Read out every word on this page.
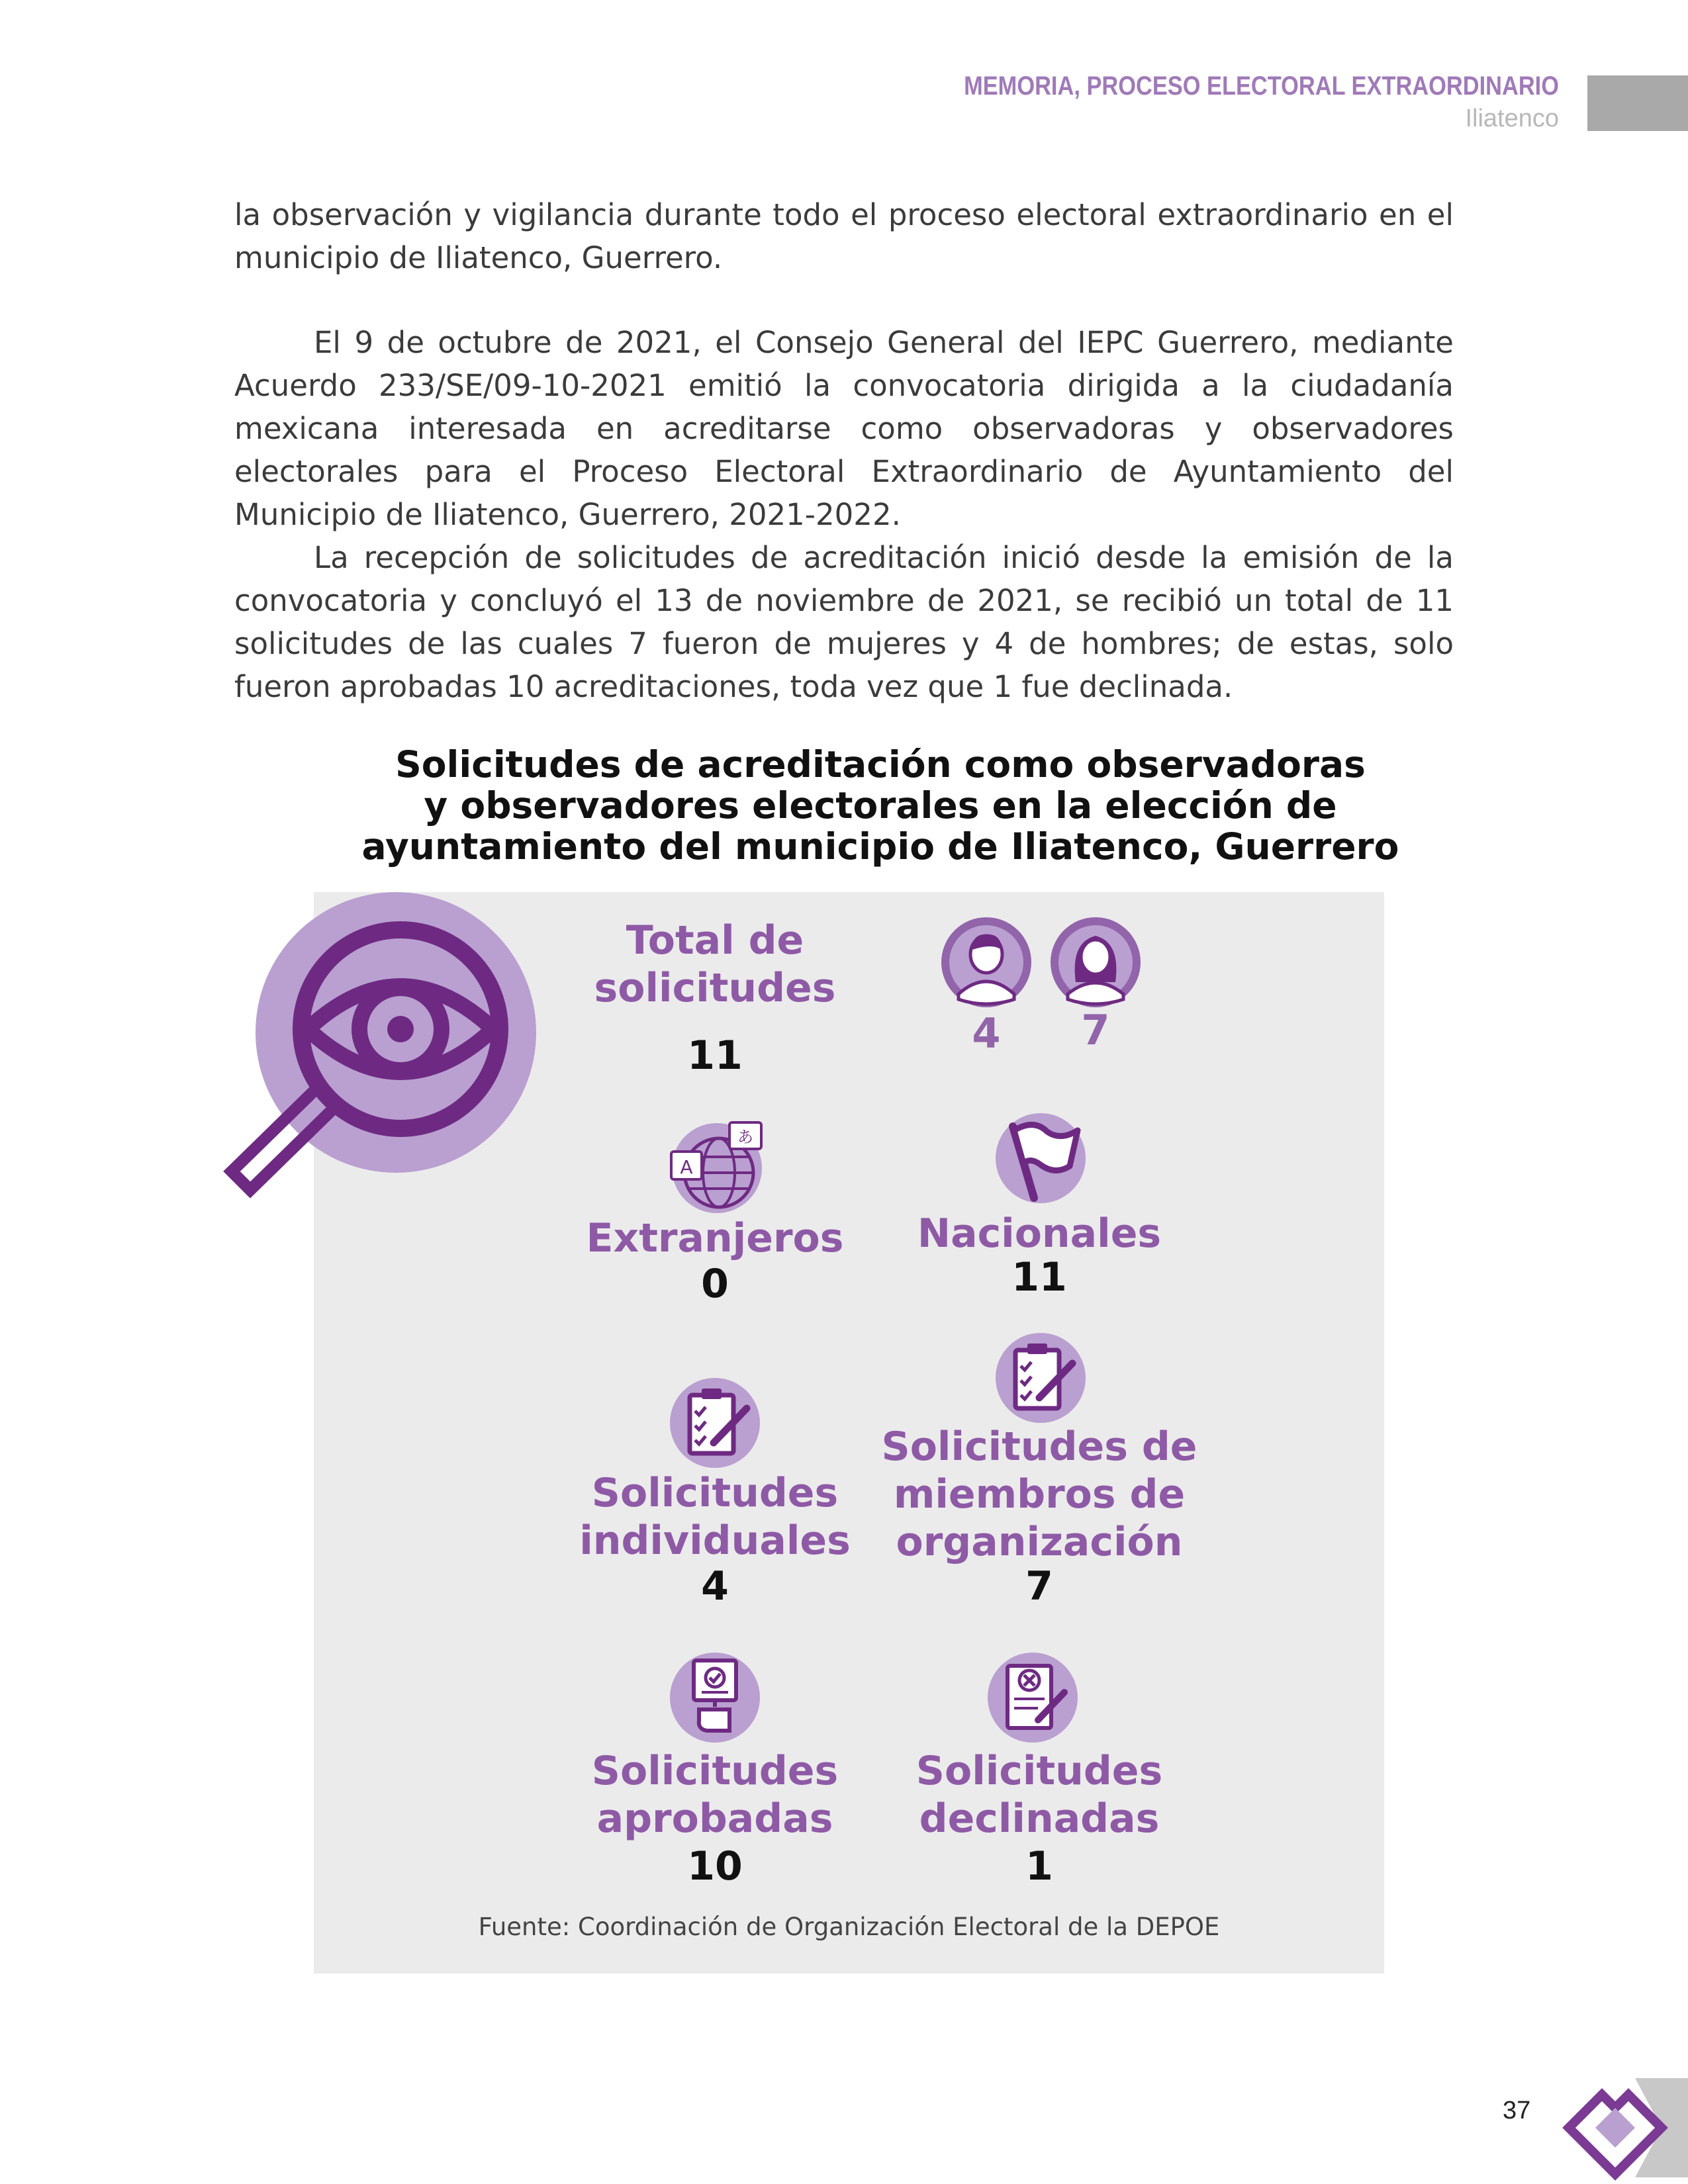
MEMORIA, PROCESO ELECTORAL EXTRAORDINARIO
Iliatenco

la observación y vigilancia durante todo el proceso electoral extraordinario en el municipio de Iliatenco, Guerrero.

El 9 de octubre de 2021, el Consejo General del IEPC Guerrero, mediante Acuerdo 233/SE/09-10-2021 emitió la convocatoria dirigida a la ciudadanía mexicana interesada en acreditarse como observadoras y observadores electorales para el Proceso Electoral Extraordinario de Ayuntamiento del Municipio de Iliatenco, Guerrero, 2021-2022.

La recepción de solicitudes de acreditación inició desde la emisión de la convocatoria y concluyó el 13 de noviembre de 2021, se recibió un total de 11 solicitudes de las cuales 7 fueron de mujeres y 4 de hombres; de estas, solo fueron aprobadas 10 acreditaciones, toda vez que 1 fue declinada.

Solicitudes de acreditación como observadoras
y observadores electorales en la elección de
ayuntamiento del municipio de Iliatenco, Guerrero
Total de
solicitudes
11	4	7
A
あ
Extranjeros
0
Nacionales
11
Solicitudes
individuales
4
Solicitudes de
miembros de
organización
7
Solicitudes
aprobadas
10
Solicitudes
declinadas
1
Fuente: Coordinación de Organización Electoral de la DEPOE
37
